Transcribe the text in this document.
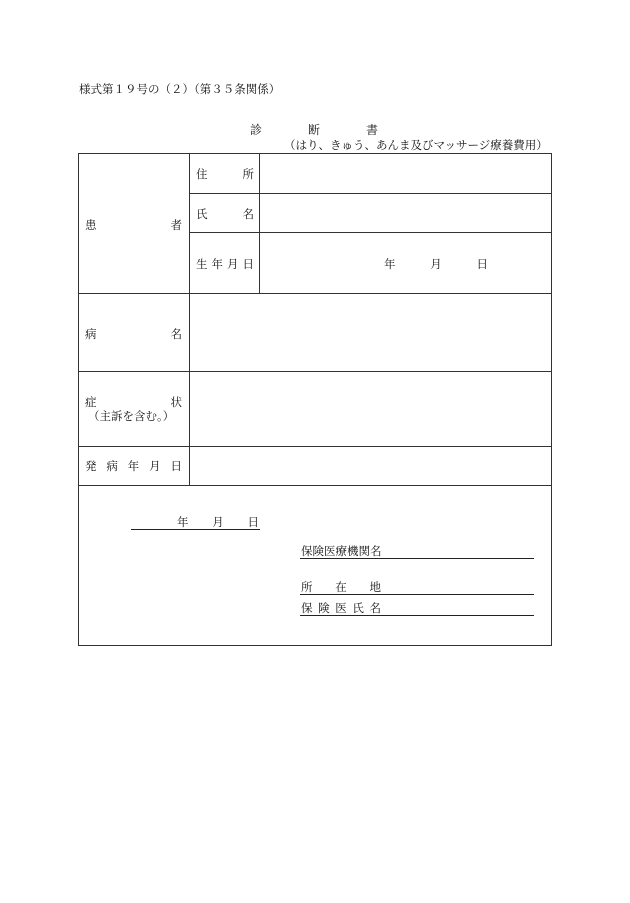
様式第１９号の（２）（第３５条関係）
診	断	書
（はり、きゅう、あんま及びマッサージ療養費用）
患	者
住	所
氏	名
生 年 月 日	年	月	日
病	名
症	状
（主訴を含む。）
発 病 年 月 日
年 月 日
保険医療機関名
所 在 地
保 険 医 氏 名
